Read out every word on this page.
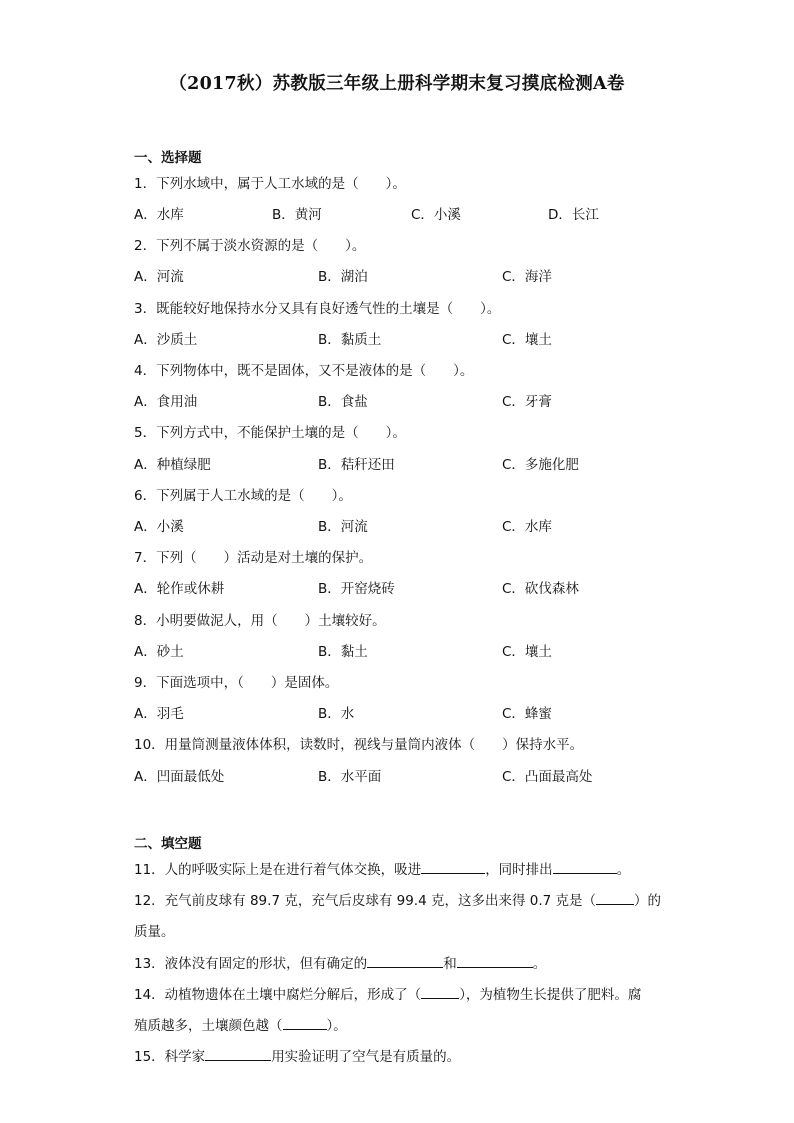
（2017秋）苏教版三年级上册科学期末复习摸底检测A卷
一、选择题
1．下列水域中，属于人工水域的是（　　）。
A．水库	B．黄河	C．小溪	D．长江
2．下列不属于淡水资源的是（　　）。
A．河流	B．湖泊	C．海洋
3．既能较好地保持水分又具有良好透气性的土壤是（　　）。
A．沙质土	B．黏质土	C．壤土
4．下列物体中，既不是固体，又不是液体的是（　　）。
A．食用油	B．食盐	C．牙膏
5．下列方式中，不能保护土壤的是（　　）。
A．种植绿肥	B．秸秆还田	C．多施化肥
6．下列属于人工水域的是（　　）。
A．小溪	B．河流	C．水库
7．下列（　　）活动是对土壤的保护。
A．轮作或休耕	B．开窑烧砖	C．砍伐森林
8．小明要做泥人，用（　　）土壤较好。
A．砂土	B．黏土	C．壤土
9．下面选项中，（　　）是固体。
A．羽毛	B．水	C．蜂蜜
10．用量筒测量液体体积，读数时，视线与量筒内液体（　　）保持水平。
A．凹面最低处	B．水平面	C．凸面最高处
二、填空题
11．人的呼吸实际上是在进行着气体交换，吸进	，同时排出	。
12．充气前皮球有 89.7 克，充气后皮球有 99.4 克，这多出来得 0.7 克是（	）的
质量。
13．液体没有固定的形状，但有确定的	和	。
14．动植物遗体在土壤中腐烂分解后，形成了（	），为植物生长提供了肥料。腐
殖质越多，土壤颜色越（	）。
15．科学家	用实验证明了空气是有质量的。
